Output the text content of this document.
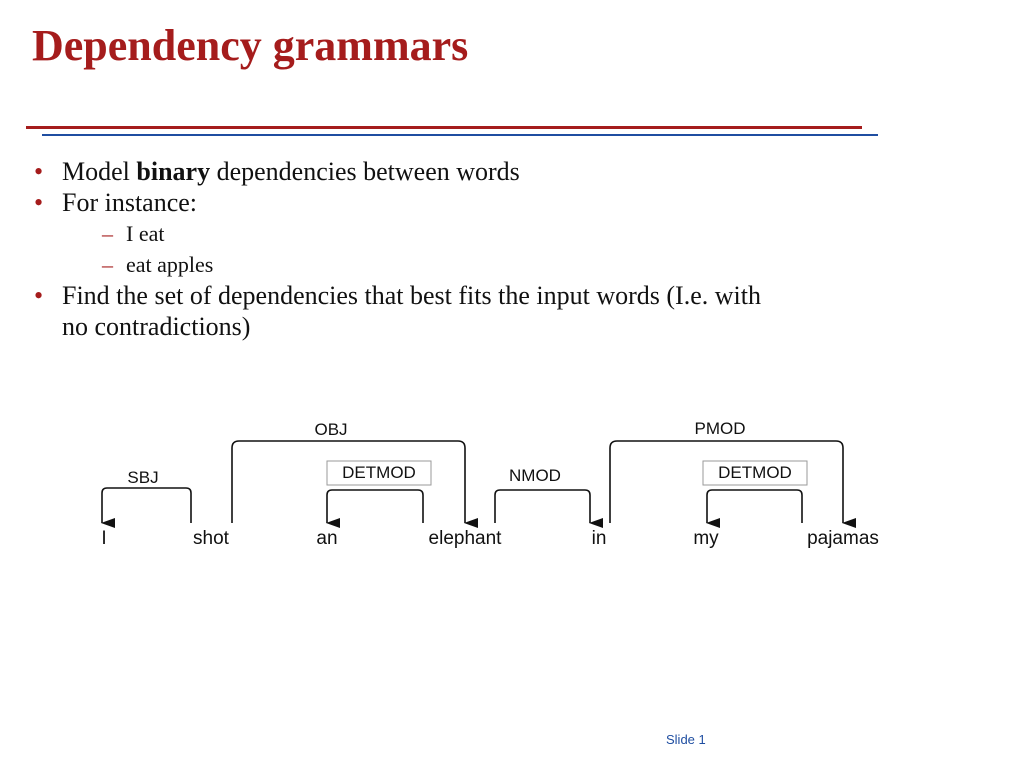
Dependency grammars
• Model binary dependencies between words
• For instance:
– I eat
– eat apples
• Find the set of dependencies that best fits the input words (I.e. with
no contradictions)
SBJ
OBJ
DETMOD	NMOD
PMOD
DETMOD
I	shot	an	elephant	in	my	pajamas
Slide 1
